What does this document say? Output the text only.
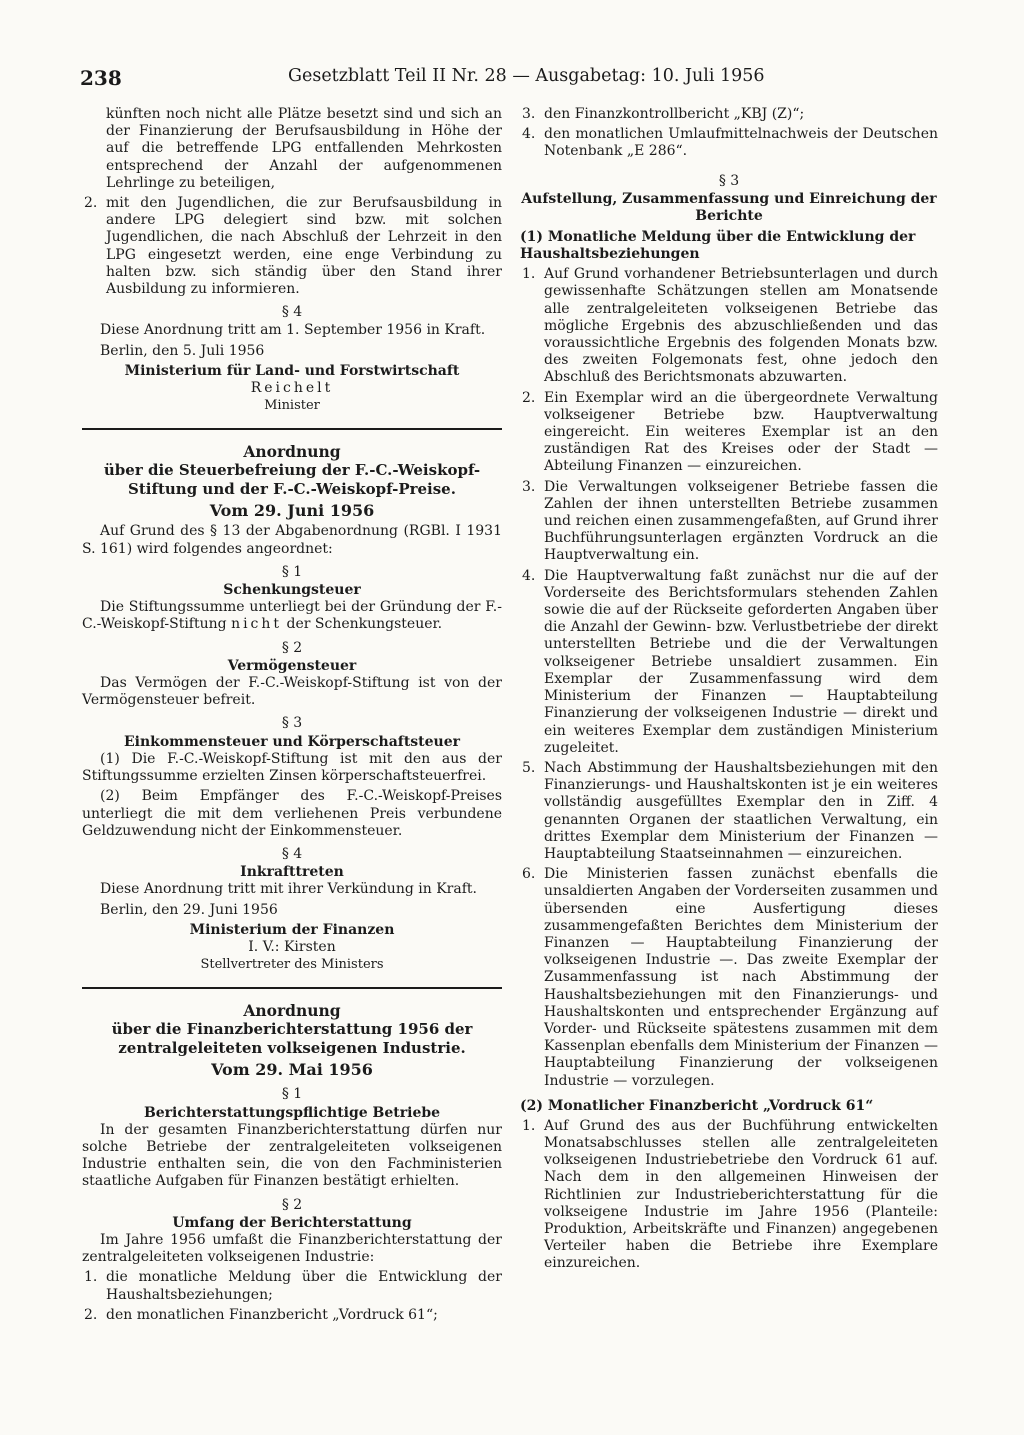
238	Gesetzblatt Teil II Nr. 28 — Ausgabetag: 10. Juli 1956

künften noch nicht alle Plätze besetzt sind und sich an der Finanzierung der Berufsausbildung in Höhe der auf die betreffende LPG entfallenden Mehrkosten entsprechend der Anzahl der aufgenommenen Lehrlinge zu beteiligen,

2. mit den Jugendlichen, die zur Berufsausbildung in andere LPG delegiert sind bzw. mit solchen Jugendlichen, die nach Abschluß der Lehrzeit in den LPG eingesetzt werden, eine enge Verbindung zu halten bzw. sich ständig über den Stand ihrer Ausbildung zu informieren.

§ 4

Diese Anordnung tritt am 1. September 1956 in Kraft.

Berlin, den 5. Juli 1956

Ministerium für Land- und Forstwirtschaft

Reichelt

Minister

Anordnung

über die Steuerbefreiung der F.-C.-Weiskopf-Stiftung und der F.-C.-Weiskopf-Preise.

Vom 29. Juni 1956

Auf Grund des § 13 der Abgabenordnung (RGBl. I 1931 S. 161) wird folgendes angeordnet:

§ 1

Schenkungsteuer

Die Stiftungssumme unterliegt bei der Gründung der F.-C.-Weiskopf-Stiftung nicht der Schenkungsteuer.

§ 2

Vermögensteuer

Das Vermögen der F.-C.-Weiskopf-Stiftung ist von der Vermögensteuer befreit.

§ 3

Einkommensteuer und Körperschaftsteuer

(1) Die F.-C.-Weiskopf-Stiftung ist mit den aus der Stiftungssumme erzielten Zinsen körperschaftsteuerfrei.

(2) Beim Empfänger des F.-C.-Weiskopf-Preises unterliegt die mit dem verliehenen Preis verbundene Geldzuwendung nicht der Einkommensteuer.

§ 4

Inkrafttreten

Diese Anordnung tritt mit ihrer Verkündung in Kraft.

Berlin, den 29. Juni 1956

Ministerium der Finanzen

I. V.: Kirsten

Stellvertreter des Ministers

Anordnung

über die Finanzberichterstattung 1956 der zentralgeleiteten volkseigenen Industrie.

Vom 29. Mai 1956

§ 1

Berichterstattungspflichtige Betriebe

In der gesamten Finanzberichterstattung dürfen nur solche Betriebe der zentralgeleiteten volkseigenen Industrie enthalten sein, die von den Fachministerien staatliche Aufgaben für Finanzen bestätigt erhielten.

§ 2

Umfang der Berichterstattung

Im Jahre 1956 umfaßt die Finanzberichterstattung der zentralgeleiteten volkseigenen Industrie:

1. die monatliche Meldung über die Entwicklung der Haushaltsbeziehungen;
2. den monatlichen Finanzbericht „Vordruck 61“;
3. den Finanzkontrollbericht „KBJ (Z)“;
4. den monatlichen Umlaufmittelnachweis der Deutschen Notenbank „E 286“.

§ 3

Aufstellung, Zusammenfassung und Einreichung der Berichte

(1) Monatliche Meldung über die Entwicklung der Haushaltsbeziehungen

1. Auf Grund vorhandener Betriebsunterlagen und durch gewissenhafte Schätzungen stellen am Monatsende alle zentralgeleiteten volkseigenen Betriebe das mögliche Ergebnis des abzuschließenden und das voraussichtliche Ergebnis des folgenden Monats bzw. des zweiten Folgemonats fest, ohne jedoch den Abschluß des Berichtsmonats abzuwarten.
2. Ein Exemplar wird an die übergeordnete Verwaltung volkseigener Betriebe bzw. Hauptverwaltung eingereicht. Ein weiteres Exemplar ist an den zuständigen Rat des Kreises oder der Stadt — Abteilung Finanzen — einzureichen.
3. Die Verwaltungen volkseigener Betriebe fassen die Zahlen der ihnen unterstellten Betriebe zusammen und reichen einen zusammengefaßten, auf Grund ihrer Buchführungsunterlagen ergänzten Vordruck an die Hauptverwaltung ein.
4. Die Hauptverwaltung faßt zunächst nur die auf der Vorderseite des Berichtsformulars stehenden Zahlen sowie die auf der Rückseite geforderten Angaben über die Anzahl der Gewinn- bzw. Verlustbetriebe der direkt unterstellten Betriebe und die der Verwaltungen volkseigener Betriebe unsaldiert zusammen. Ein Exemplar der Zusammenfassung wird dem Ministerium der Finanzen — Hauptabteilung Finanzierung der volkseigenen Industrie — direkt und ein weiteres Exemplar dem zuständigen Ministerium zugeleitet.
5. Nach Abstimmung der Haushaltsbeziehungen mit den Finanzierungs- und Haushaltskonten ist je ein weiteres vollständig ausgefülltes Exemplar den in Ziff. 4 genannten Organen der staatlichen Verwaltung, ein drittes Exemplar dem Ministerium der Finanzen — Hauptabteilung Staatseinnahmen — einzureichen.
6. Die Ministerien fassen zunächst ebenfalls die unsaldierten Angaben der Vorderseiten zusammen und übersenden eine Ausfertigung dieses zusammengefaßten Berichtes dem Ministerium der Finanzen — Hauptabteilung Finanzierung der volkseigenen Industrie —. Das zweite Exemplar der Zusammenfassung ist nach Abstimmung der Haushaltsbeziehungen mit den Finanzierungs- und Haushaltskonten und entsprechender Ergänzung auf Vorder- und Rückseite spätestens zusammen mit dem Kassenplan ebenfalls dem Ministerium der Finanzen — Hauptabteilung Finanzierung der volkseigenen Industrie — vorzulegen.

(2) Monatlicher Finanzbericht „Vordruck 61“

1. Auf Grund des aus der Buchführung entwickelten Monatsabschlusses stellen alle zentralgeleiteten volkseigenen Industriebetriebe den Vordruck 61 auf. Nach dem in den allgemeinen Hinweisen der Richtlinien zur Industrieberichterstattung für die volkseigene Industrie im Jahre 1956 (Planteile: Produktion, Arbeitskräfte und Finanzen) angegebenen Verteiler haben die Betriebe ihre Exemplare einzureichen.
